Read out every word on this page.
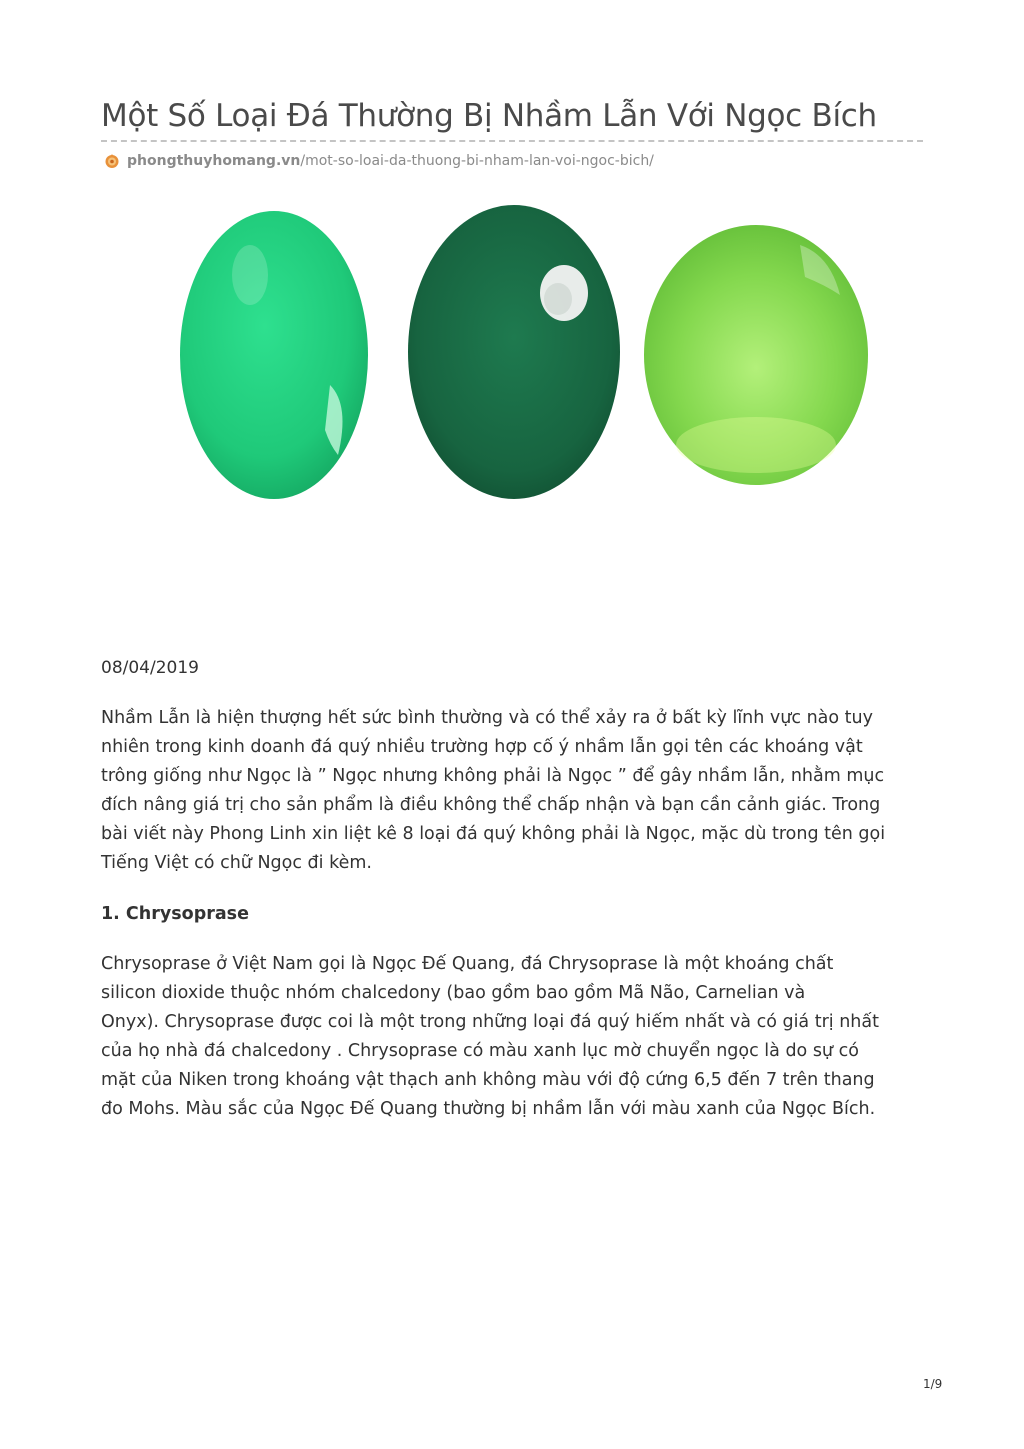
Một Số Loại Đá Thường Bị Nhầm Lẫn Với Ngọc Bích
phongthuyhomang.vn /mot-so-loai-da-thuong-bi-nham-lan-voi-ngoc-bich/
08/04/2019

Nhầm Lẫn là hiện thượng hết sức bình thường và có thể xảy ra ở bất kỳ lĩnh vực nào tuy
nhiên trong kinh doanh đá quý nhiều trường hợp cố ý nhầm lẫn gọi tên các khoáng vật
trông giống như Ngọc là ” Ngọc nhưng không phải là Ngọc ” để gây nhầm lẫn, nhằm mục
đích nâng giá trị cho sản phẩm là điều không thể chấp nhận và bạn cần cảnh giác. Trong
bài viết này Phong Linh xin liệt kê 8 loại đá quý không phải là Ngọc, mặc dù trong tên gọi
Tiếng Việt có chữ Ngọc đi kèm.

1. Chrysoprase

Chrysoprase ở Việt Nam gọi là Ngọc Đế Quang, đá Chrysoprase là một khoáng chất
silicon dioxide thuộc nhóm chalcedony (bao gồm bao gồm Mã Não, Carnelian và
Onyx). Chrysoprase được coi là một trong những loại đá quý hiếm nhất và có giá trị nhất
của họ nhà đá chalcedony . Chrysoprase có màu xanh lục mờ chuyển ngọc là do sự có
mặt của Niken trong khoáng vật thạch anh không màu với độ cứng 6,5 đến 7 trên thang
đo Mohs. Màu sắc của Ngọc Đế Quang thường bị nhầm lẫn với màu xanh của Ngọc Bích.

1/9
